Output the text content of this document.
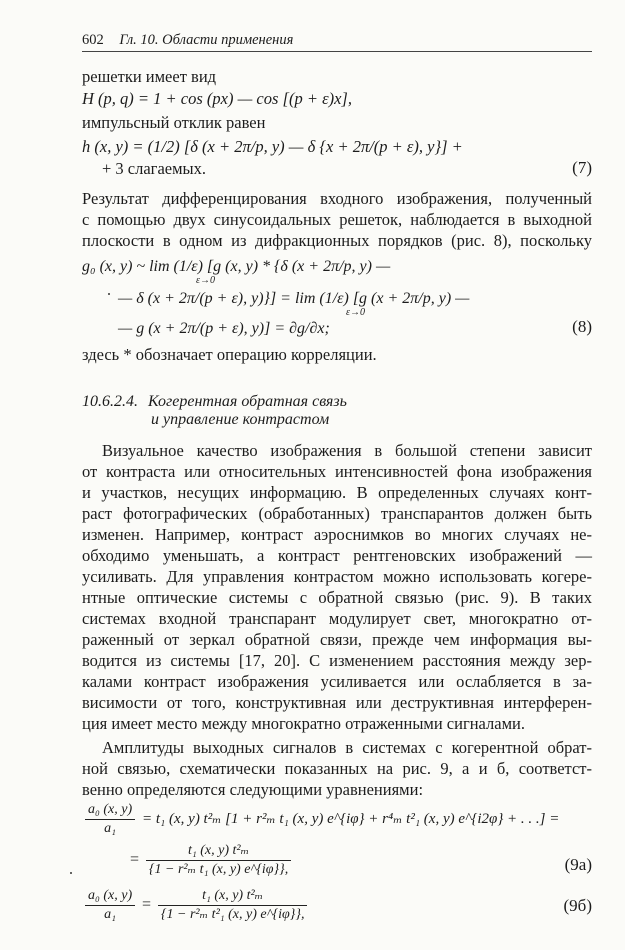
602 Гл. 10. Области применения
решетки имеет вид
H (p, q) = 1 + cos (px) — cos [(p + ε)x],
импульсный отклик равен
h (x, y) = (1/2) [δ (x + 2π/p, y) — δ {x + 2π/(p + ε), y}] +
+ 3 слагаемых.	(7)
Результат дифференцирования входного изображения, полученный
с помощью двух синусоидальных решеток, наблюдается в выходной
плоскости в одном из дифракционных порядков (рис. 8), поскольку
g₀ (x, y) ~ lim (1/ε) [g (x, y) * {δ (x + 2π/p, y) —
ε→0
— δ (x + 2π/(p + ε), y)}] = lim (1/ε) [g (x + 2π/p, y) —
ε→0
— g (x + 2π/(p + ε), y)] = ∂g/∂x;	(8)
здесь * обозначает операцию корреляции.
10.6.2.4. Когерентная обратная связь
и управление контрастом
Визуальное качество изображения в большой степени зависит
от контраста или относительных интенсивностей фона изображения
и участков, несущих информацию. В определенных случаях конт-
раст фотографических (обработанных) транспарантов должен быть
изменен. Например, контраст аэроснимков во многих случаях не-
обходимо уменьшать, а контраст рентгеновских изображений —
усиливать. Для управления контрастом можно использовать когере-
нтные оптические системы с обратной связью (рис. 9). В таких
системах входной транспарант модулирует свет, многократно от-
раженный от зеркал обратной связи, прежде чем информация вы-
водится из системы [17, 20]. С изменением расстояния между зер-
калами контраст изображения усиливается или ослабляется в за-
висимости от того, конструктивная или деструктивная интерферен-
ция имеет место между многократно отраженными сигналами.
Амплитуды выходных сигналов в системах с когерентной обрат-
ной связью, схематически показанных на рис. 9, а и б, соответст-
венно определяются следующими уравнениями:
$\frac{\text{a₀ (x, y)}}{\text{a₁}} = t_1$ (x, y) t²ₘ [1 + r²ₘ t₁ (x, y) e^{iφ} + r⁴ₘ t²₁ (x, y) e^{i2φ} + . . .] =
= $\frac{\text{t₁ (x, y) t²ₘ}}{\text{\{1 − r²ₘ t₁ (x, y) e\textasciicircum{}\{iφ\}\},}}$	(9а)
$\frac{\text{a₀ (x, y)}}{\text{a₁}} = \frac{\text{t₁ (x, y) t²ₘ}}{\text{\{1 − r²ₘ t²₁ (x, y) e\textasciicircum{}\{iφ\}\},}}$	(9б)
